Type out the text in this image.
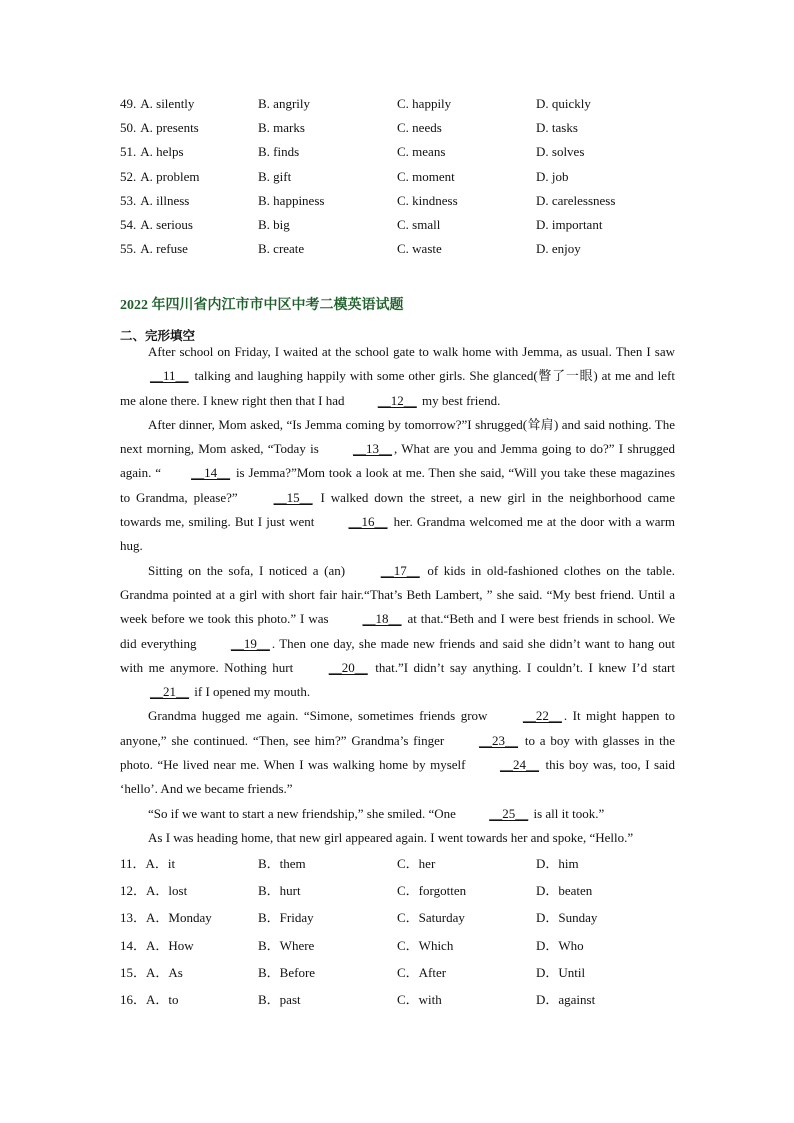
49. A. silently	B. angrily	C. happily	D. quickly
50. A. presents	B. marks	C. needs	D. tasks
51. A. helps	B. finds	C. means	D. solves
52. A. problem	B. gift	C. moment	D. job
53. A. illness	B. happiness	C. kindness	D. carelessness
54. A. serious	B. big	C. small	D. important
55. A. refuse	B. create	C. waste	D. enjoy
2022 年四川省内江市市中区中考二模英语试题
二、完形填空

After school on Friday, I waited at the school gate to walk home with Jemma, as usual. Then I saw __11__ talking and laughing happily with some other girls. She glanced(瞥了一眼) at me and left me alone there. I knew right then that I had __12__ my best friend.

After dinner, Mom asked, “Is Jemma coming by tomorrow?”I shrugged(耸肩) and said nothing. The next morning, Mom asked, “Today is __13__ , What are you and Jemma going to do?” I shrugged again. “ __14__ is Jemma?”Mom took a look at me. Then she said, “Will you take these magazines to Grandma, please?” __15__ I walked down the street, a new girl in the neighborhood came towards me, smiling. But I just went __16__ her. Grandma welcomed me at the door with a warm hug.

Sitting on the sofa, I noticed a (an) __17__ of kids in old-fashioned clothes on the table. Grandma pointed at a girl with short fair hair.“That’s Beth Lambert, ” she said. “My best friend. Until a week before we took this photo.” I was __18__ at that.“Beth and I were best friends in school. We did everything __19__ . Then one day, she made new friends and said she didn’t want to hang out with me anymore. Nothing hurt __20__ that.”I didn’t say anything. I couldn’t. I knew I’d start __21__ if I opened my mouth.

Grandma hugged me again. “Simone, sometimes friends grow __22__ . It might happen to anyone,” she continued. “Then, see him?” Grandma’s finger __23__ to a boy with glasses in the photo. “He lived near me. When I was walking home by myself __24__ this boy was, too, I said ‘hello’. And we became friends.”

“So if we want to start a new friendship,” she smiled. “One __25__ is all it took.”

As I was heading home, that new girl appeared again. I went towards her and spoke, “Hello.”

11．A．it	B．them	C．her	D．him
12．A．lost	B．hurt	C．forgotten	D．beaten
13．A．Monday	B．Friday	C．Saturday	D．Sunday
14．A．How	B．Where	C．Which	D．Who
15．A．As	B．Before	C．After	D．Until
16．A．to	B．past	C．with	D．against
